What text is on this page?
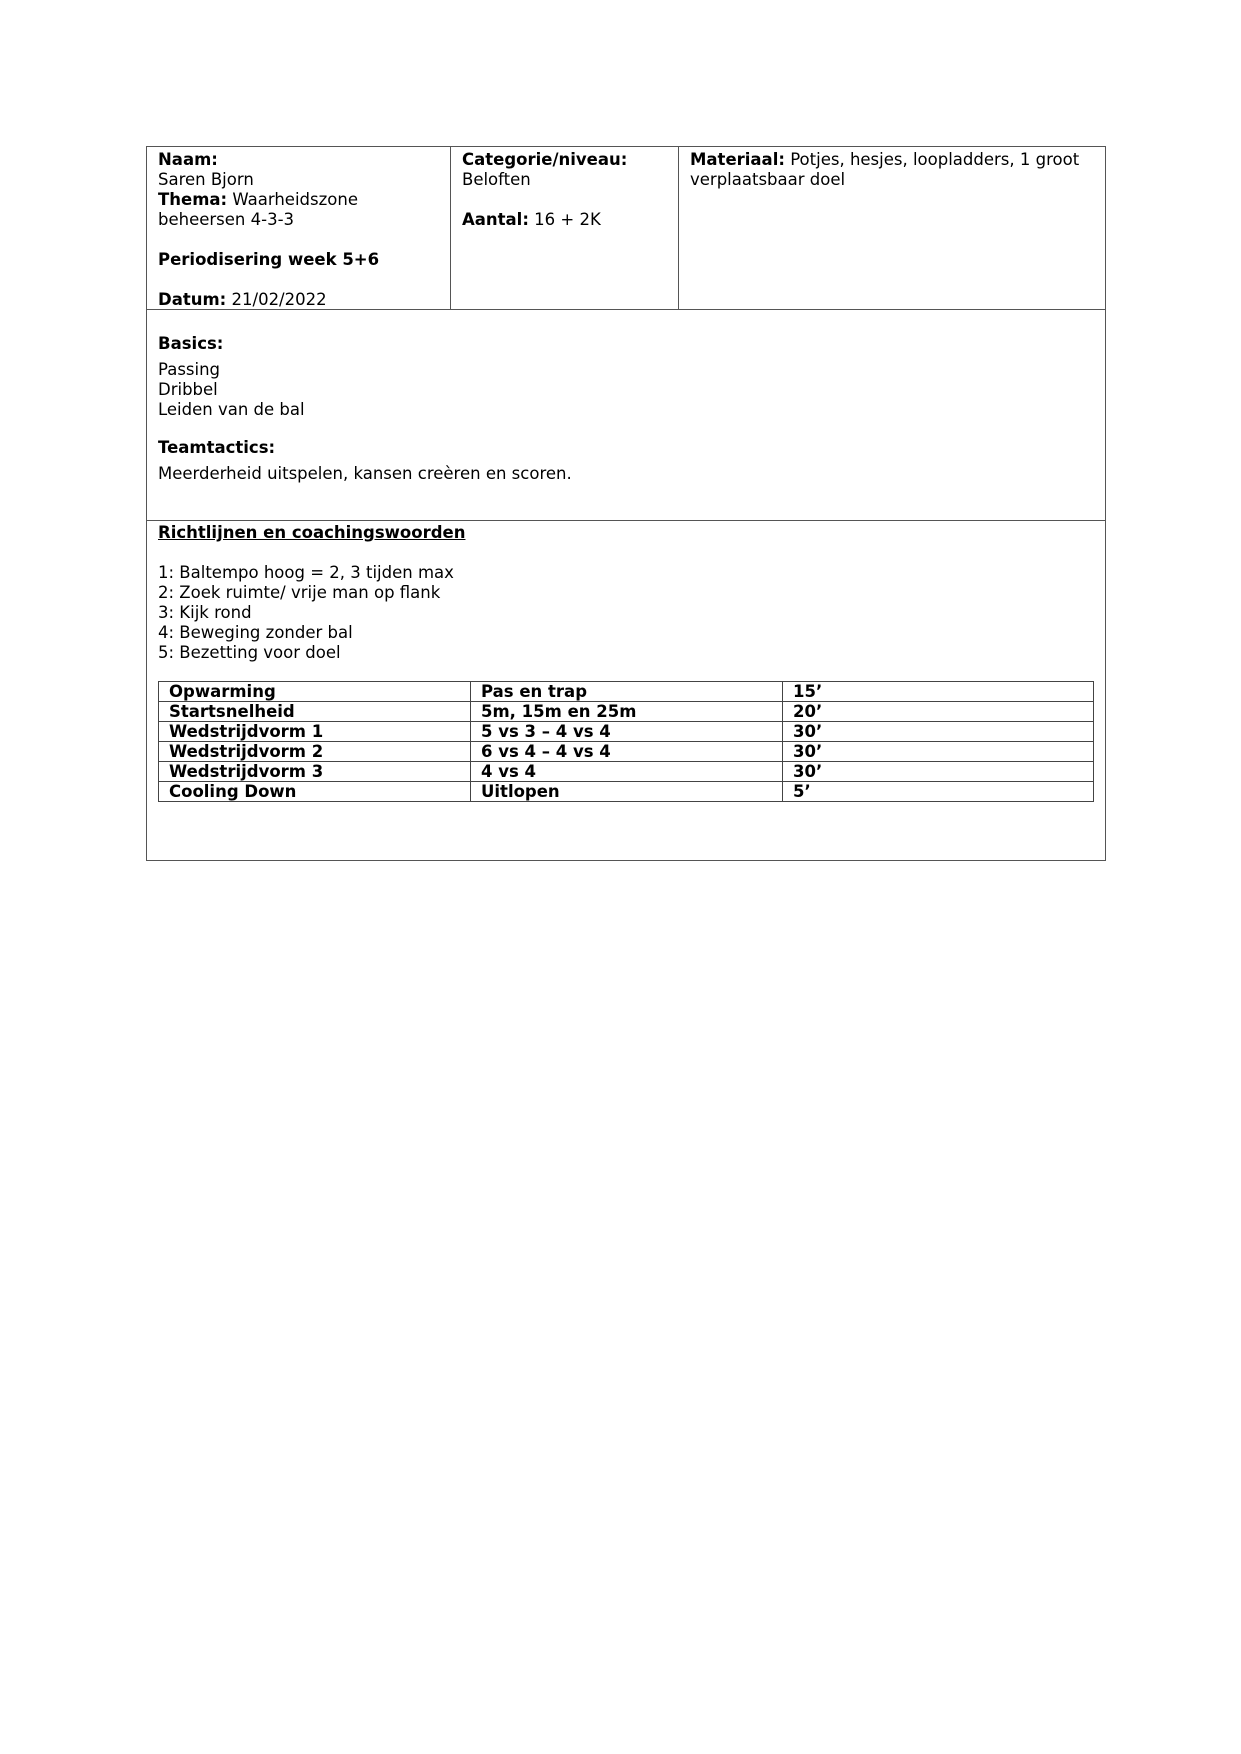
Naam:
Saren Bjorn
Thema: Waarheidszone
beheersen 4-3-3
Periodisering week 5+6
Datum: 21/02/2022
Categorie/niveau:
Beloften
Aantal: 16 + 2K
Materiaal: Potjes, hesjes, loopladders, 1 groot
verplaatsbaar doel
Basics:
Passing
Dribbel
Leiden van de bal
Teamtactics:
Meerderheid uitspelen, kansen creèren en scoren.
Richtlijnen en coachingswoorden
1: Baltempo hoog = 2, 3 tijden max
2: Zoek ruimte/ vrije man op flank
3: Kijk rond
4: Beweging zonder bal
5: Bezetting voor doel
Opwarming	Pas en trap	15’
Startsnelheid	5m, 15m en 25m	20’
Wedstrijdvorm 1	5 vs 3 – 4 vs 4	30’
Wedstrijdvorm 2	6 vs 4 – 4 vs 4	30’
Wedstrijdvorm 3	4 vs 4	30’
Cooling Down	Uitlopen	5’
